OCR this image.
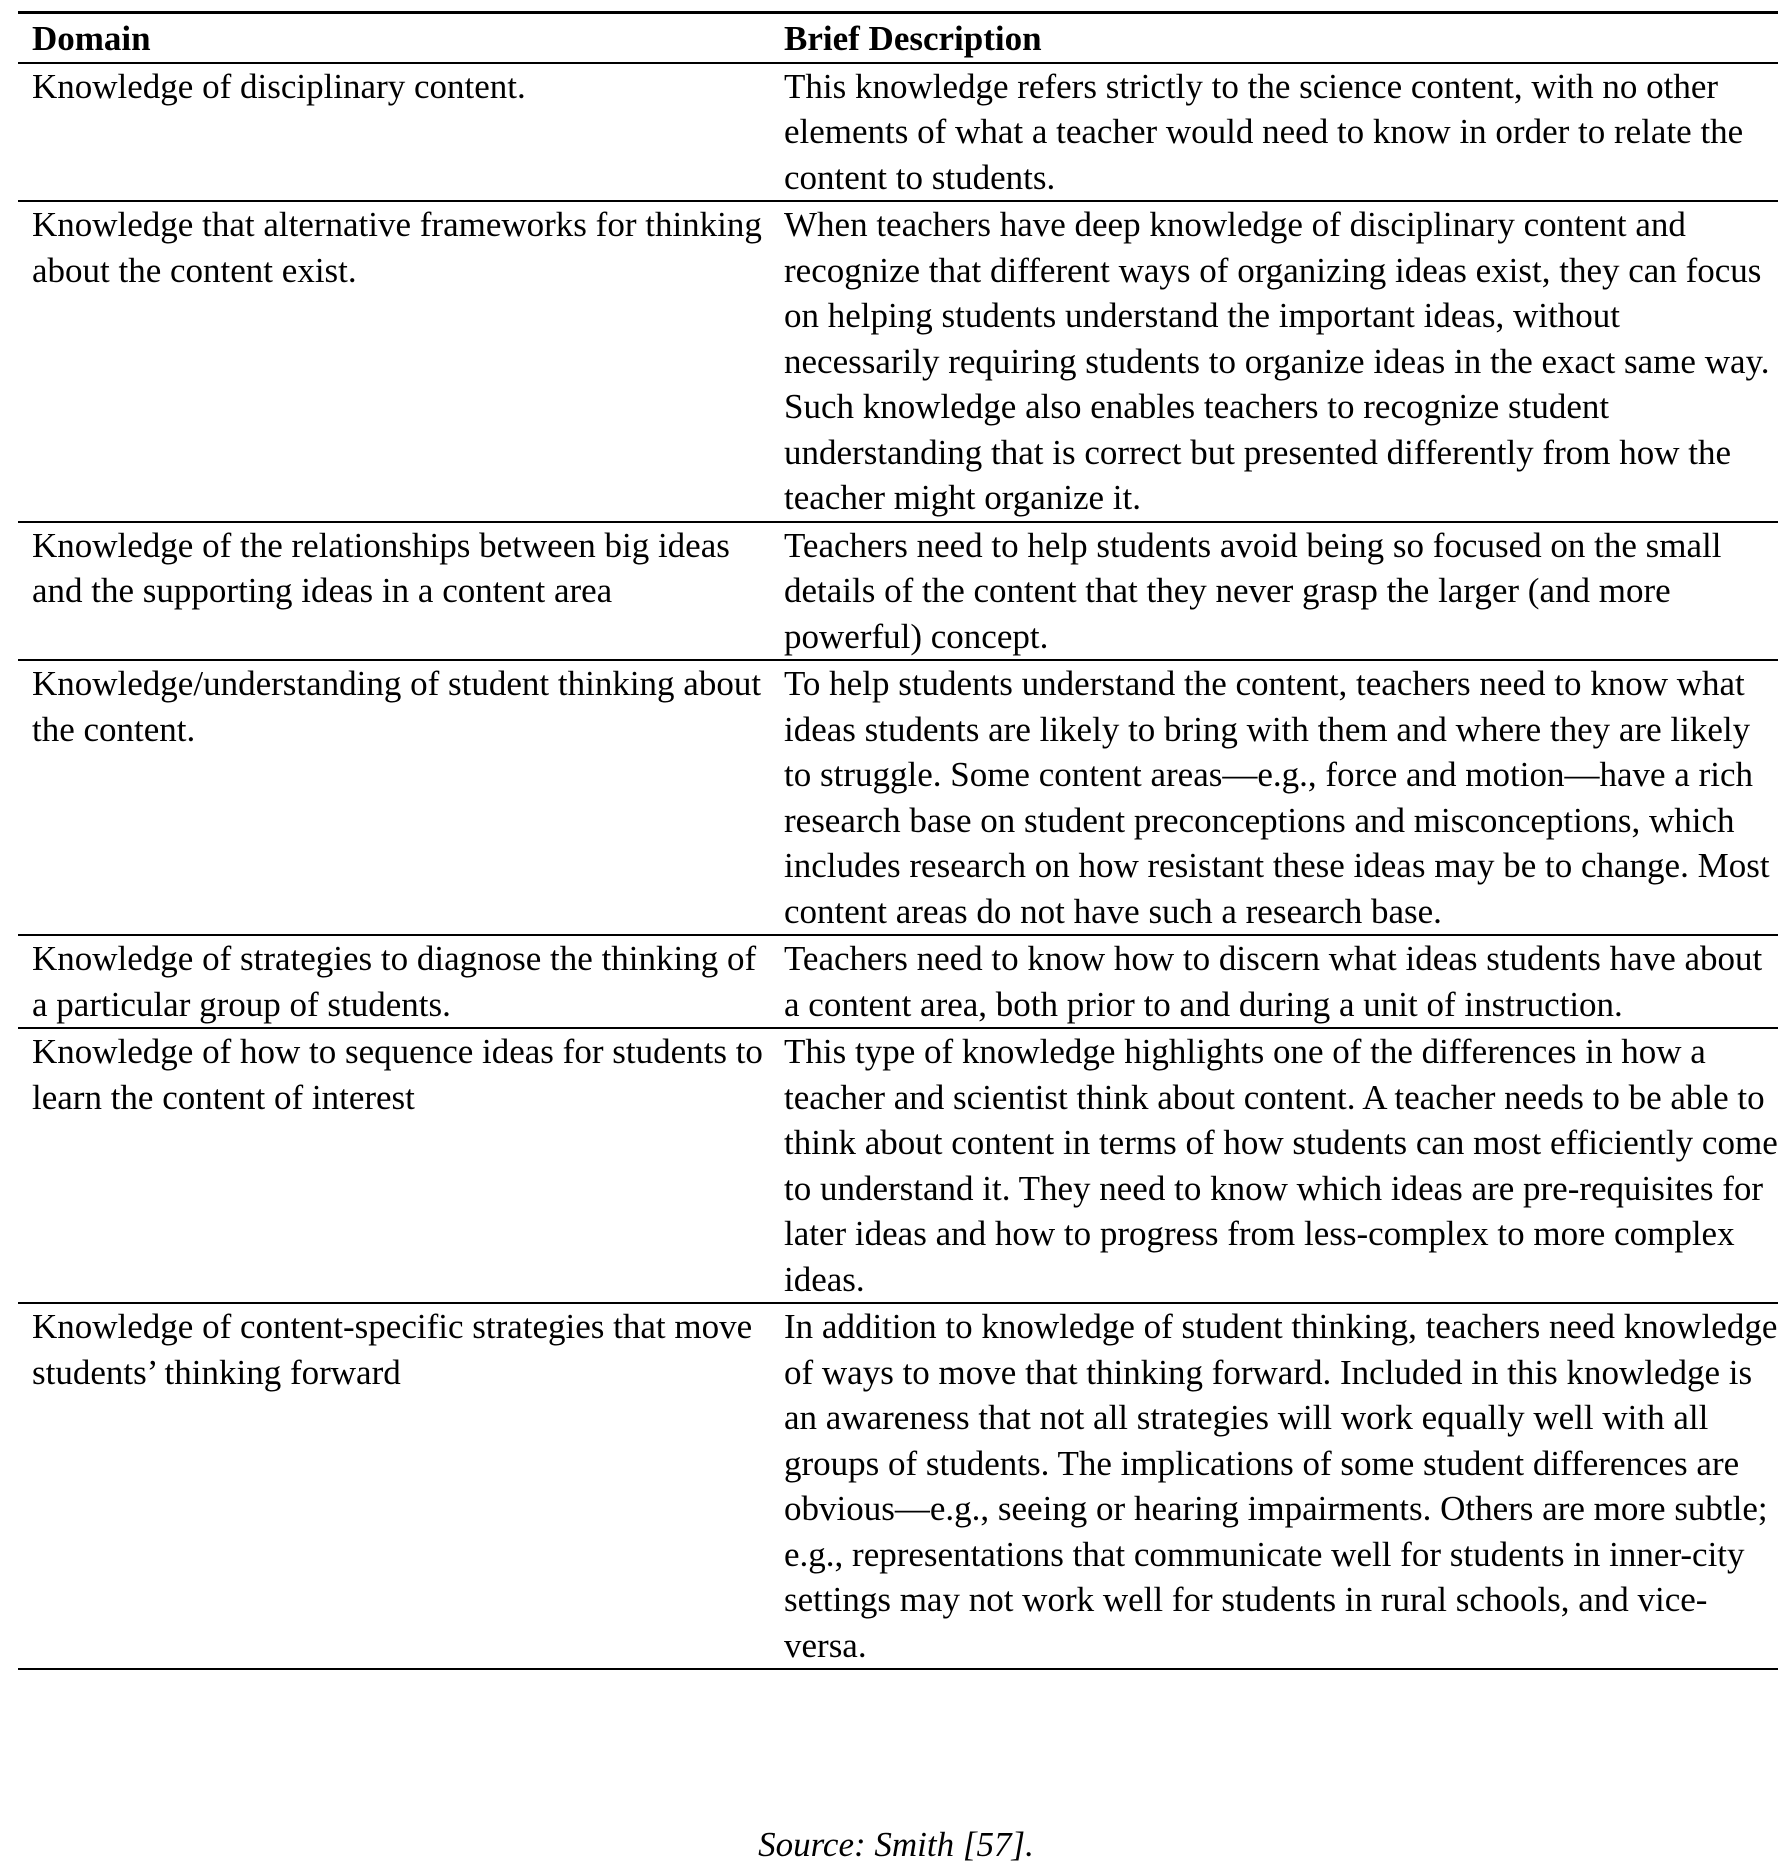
Domain	Brief Description
Knowledge of disciplinary content.	This knowledge refers strictly to the science content, with no other elements of what a teacher would need to know in order to relate the content to students.
Knowledge that alternative frameworks for thinking about the content exist.	When teachers have deep knowledge of disciplinary content and recognize that different ways of organizing ideas exist, they can focus on helping students understand the important ideas, without necessarily requiring students to organize ideas in the exact same way. Such knowledge also enables teachers to recognize student understanding that is correct but presented differently from how the teacher might organize it.
Knowledge of the relationships between big ideas and the supporting ideas in a content area	Teachers need to help students avoid being so focused on the small details of the content that they never grasp the larger (and more powerful) concept.
Knowledge/understanding of student thinking about the content.	To help students understand the content, teachers need to know what ideas students are likely to bring with them and where they are likely to struggle. Some content areas—e.g., force and motion—have a rich research base on student preconceptions and misconceptions, which includes research on how resistant these ideas may be to change. Most content areas do not have such a research base.
Knowledge of strategies to diagnose the thinking of a particular group of students.	Teachers need to know how to discern what ideas students have about a content area, both prior to and during a unit of instruction.
Knowledge of how to sequence ideas for students to learn the content of interest	This type of knowledge highlights one of the differences in how a teacher and scientist think about content. A teacher needs to be able to think about content in terms of how students can most efficiently come to understand it. They need to know which ideas are pre-requisites for later ideas and how to progress from less-complex to more complex ideas.
Knowledge of content-specific strategies that move students’ thinking forward	In addition to knowledge of student thinking, teachers need knowledge of ways to move that thinking forward. Included in this knowledge is an awareness that not all strategies will work equally well with all groups of students. The implications of some student differences are obvious—e.g., seeing or hearing impairments. Others are more subtle; e.g., representations that communicate well for students in inner-city settings may not work well for students in rural schools, and vice-versa.
Source: Smith [57].
